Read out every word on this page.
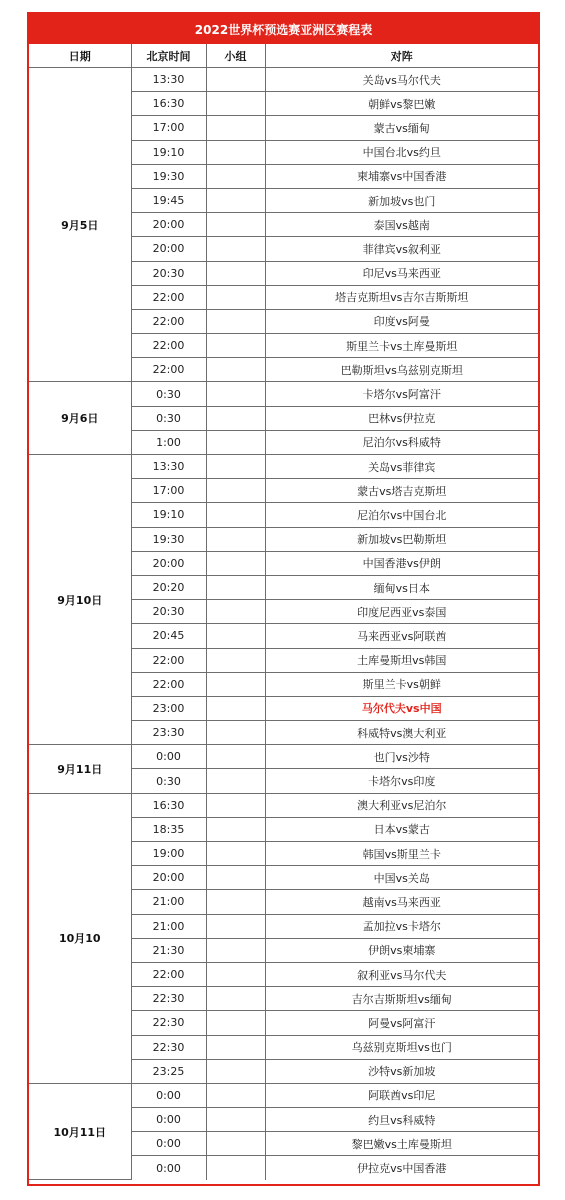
2022世界杯预选赛亚洲区赛程表
日期	北京时间	小组	对阵
9月5日	13:30		关岛vs马尔代夫
	16:30		朝鲜vs黎巴嫩
	17:00		蒙古vs缅甸
	19:10		中国台北vs约旦
	19:30		柬埔寨vs中国香港
	19:45		新加坡vs也门
	20:00		泰国vs越南
	20:00		菲律宾vs叙利亚
	20:30		印尼vs马来西亚
	22:00		塔吉克斯坦vs吉尔吉斯斯坦
	22:00		印度vs阿曼
	22:00		斯里兰卡vs土库曼斯坦
	22:00		巴勒斯坦vs乌兹别克斯坦
9月6日	0:30		卡塔尔vs阿富汗
	0:30		巴林vs伊拉克
	1:00		尼泊尔vs科威特
9月10日	13:30		关岛vs菲律宾
	17:00		蒙古vs塔吉克斯坦
	19:10		尼泊尔vs中国台北
	19:30		新加坡vs巴勒斯坦
	20:00		中国香港vs伊朗
	20:20		缅甸vs日本
	20:30		印度尼西亚vs泰国
	20:45		马来西亚vs阿联酋
	22:00		土库曼斯坦vs韩国
	22:00		斯里兰卡vs朝鲜
	23:00		马尔代夫vs中国
	23:30		科威特vs澳大利亚
9月11日	0:00		也门vs沙特
	0:30		卡塔尔vs印度
10月10	16:30		澳大利亚vs尼泊尔
	18:35		日本vs蒙古
	19:00		韩国vs斯里兰卡
	20:00		中国vs关岛
	21:00		越南vs马来西亚
	21:00		孟加拉vs卡塔尔
	21:30		伊朗vs柬埔寨
	22:00		叙利亚vs马尔代夫
	22:30		吉尔吉斯斯坦vs缅甸
	22:30		阿曼vs阿富汗
	22:30		乌兹别克斯坦vs也门
	23:25		沙特vs新加坡
10月11日	0:00		阿联酋vs印尼
	0:00		约旦vs科威特
	0:00		黎巴嫩vs土库曼斯坦
	0:00		伊拉克vs中国香港
